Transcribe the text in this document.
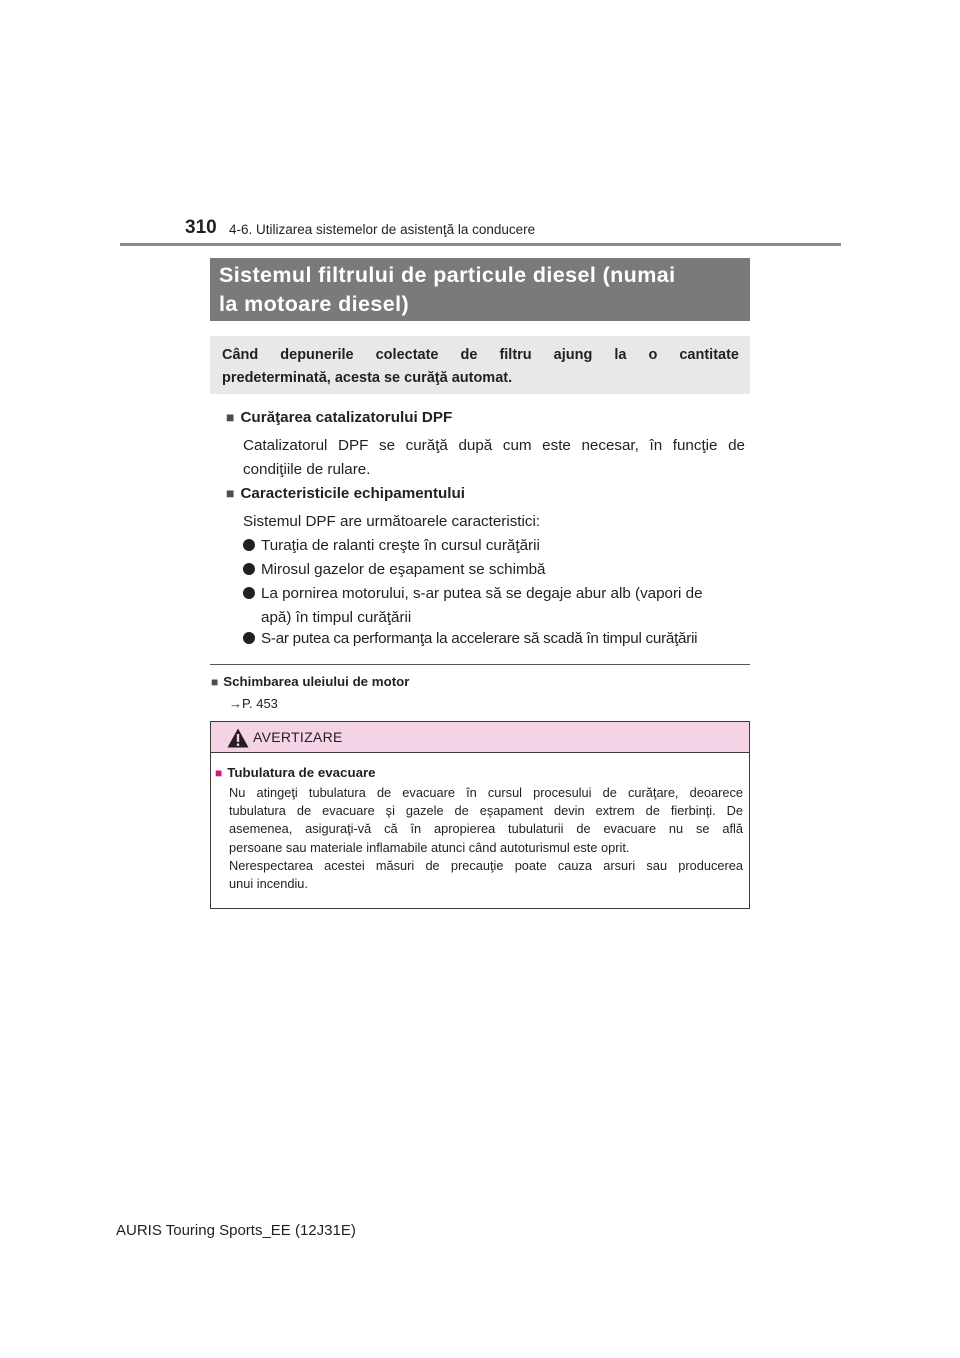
310 4-6. Utilizarea sistemelor de asistenţă la conducere
Sistemul filtrului de particule diesel (numai
la motoare diesel)
Când depunerile colectate de filtru ajung la o cantitate
predeterminată, acesta se curăţă automat.
■ Curăţarea catalizatorului DPF
Catalizatorul DPF se curăţă după cum este necesar, în funcţie de
condiţiile de rulare.
■ Caracteristicile echipamentului
Sistemul DPF are următoarele caracteristici:
Turaţia de ralanti creşte în cursul curăţării
Mirosul gazelor de eşapament se schimbă
La pornirea motorului, s-ar putea să se degaje abur alb (vapori de
apă) în timpul curăţării
S-ar putea ca performanţa la accelerare să scadă în timpul curăţării
■ Schimbarea uleiului de motor
→P. 453
AVERTIZARE
■ Tubulatura de evacuare
Nu atingeţi tubulatura de evacuare în cursul procesului de curăţare, deoarece
tubulatura de evacuare şi gazele de eşapament devin extrem de fierbinţi. De
asemenea, asiguraţi-vă că în apropierea tubulaturii de evacuare nu se află
persoane sau materiale inflamabile atunci când autoturismul este oprit.
Nerespectarea acestei măsuri de precauţie poate cauza arsuri sau producerea
unui incendiu.
AURIS Touring Sports_EE (12J31E)
